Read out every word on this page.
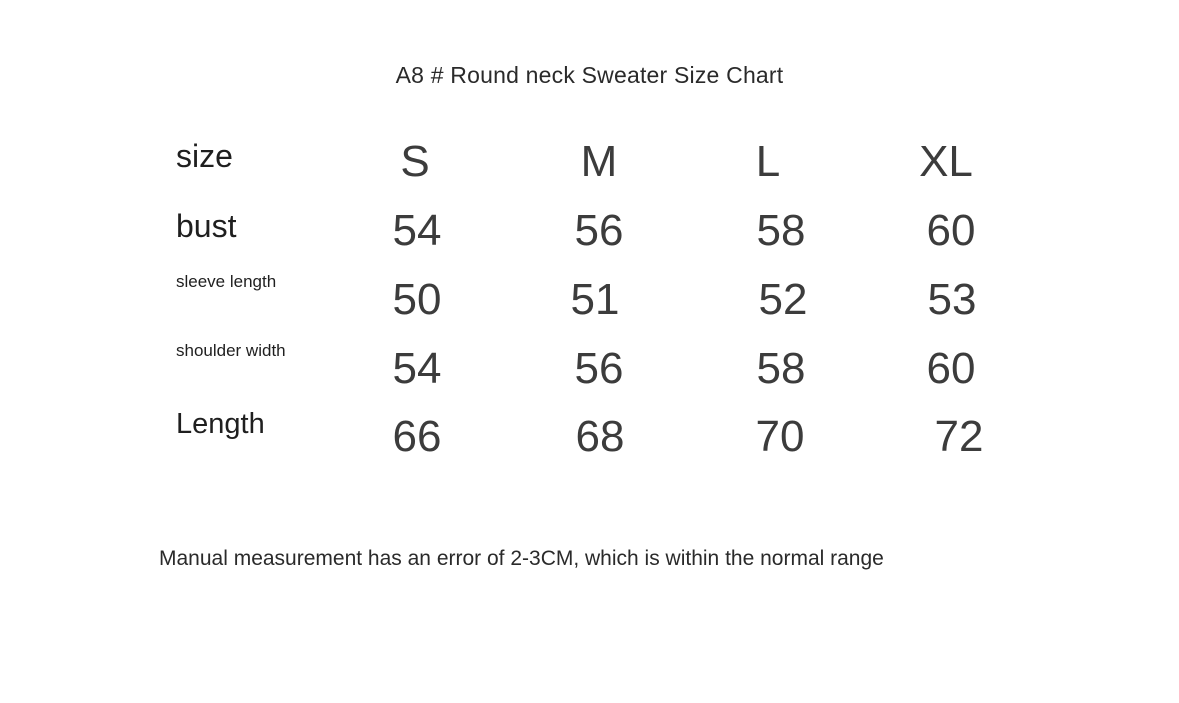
A8 # Round neck Sweater Size Chart
size	S	M	L	XL
bust	54	56	58	60
sleeve length	50	51	52	53
shoulder width	54	56	58	60
Length	66	68	70	72
Manual measurement has an error of 2-3CM, which is within the normal range
